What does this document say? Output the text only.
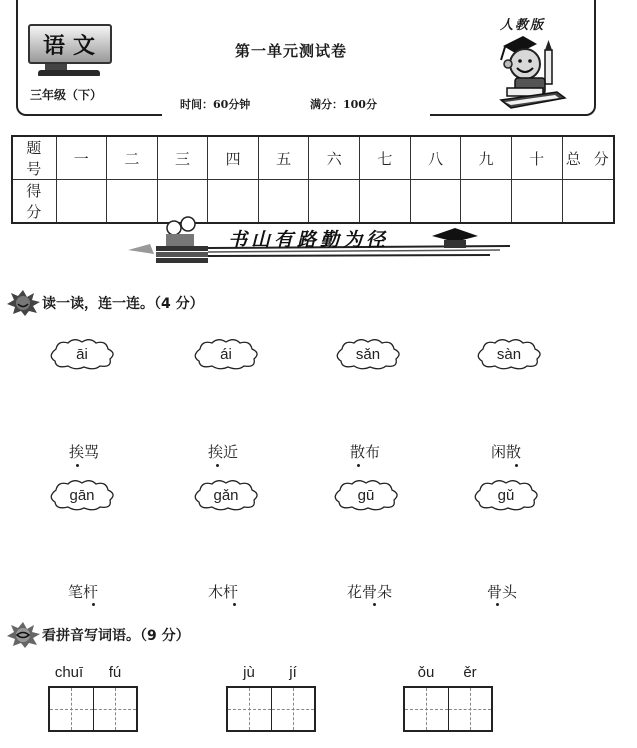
语文
三年级（下）
第一单元测试卷
时间：60分钟	满分：100分
人教版
题 号	一	二	三	四	五	六	七	八	九	十	总 分
得 分											
书山有路勤为径
读一读，连一连。（4 分）
āi	ái	sǎn	sàn
挨骂	挨近	散布	闲散
gān	gǎn	gū	gǔ
笔杆	木杆	花骨朵	骨头
看拼音写词语。（9 分）
chuī	fú	jù	jí	ǒu	ěr
